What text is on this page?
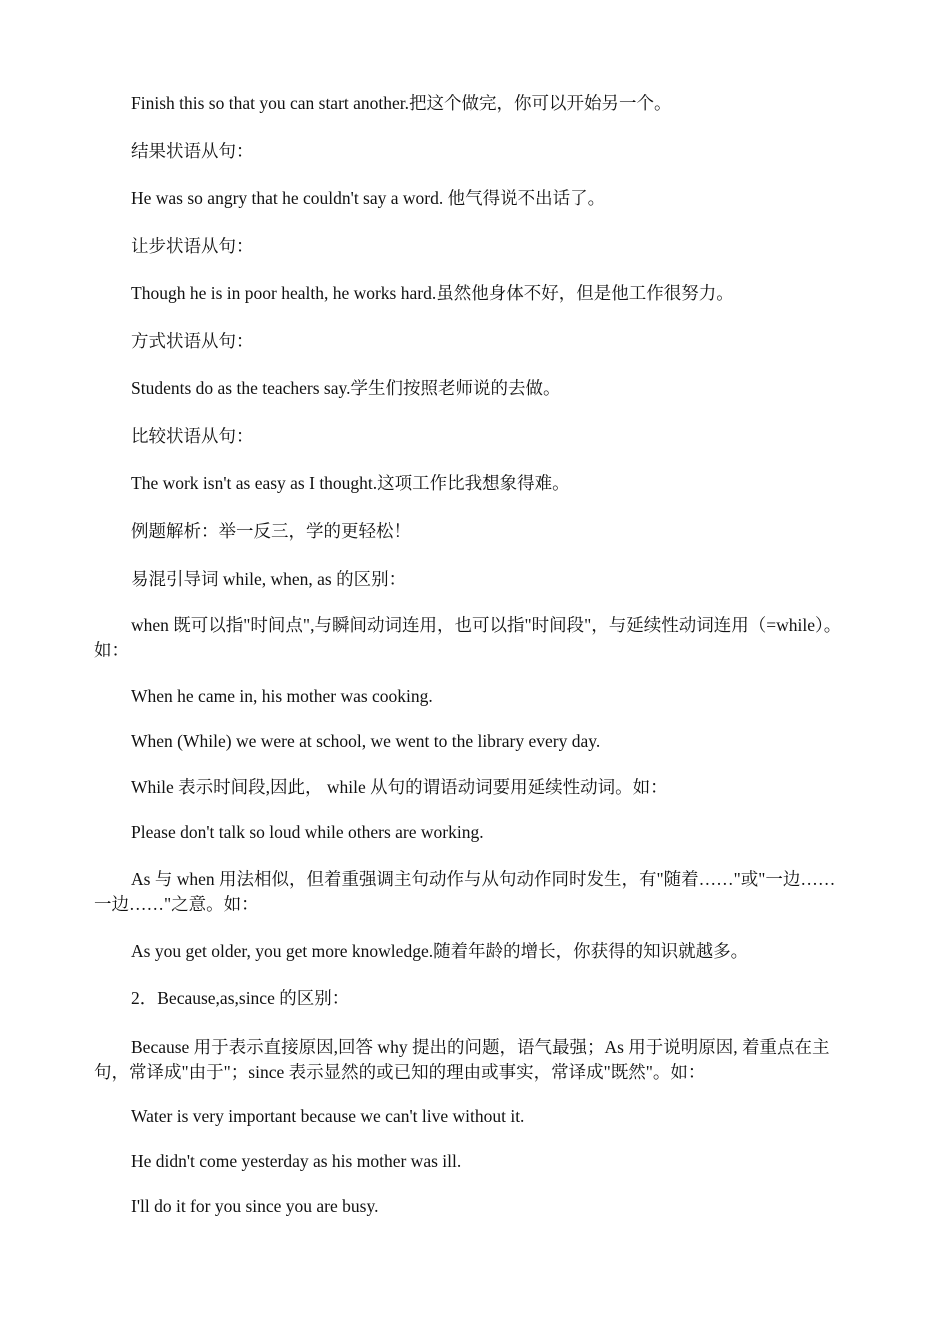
Finish this so that you can start another.把这个做完，你可以开始另一个。

结果状语从句：

He was so angry that he couldn't say a word. 他气得说不出话了。

让步状语从句：

Though he is in poor health, he works hard.虽然他身体不好，但是他工作很努力。

方式状语从句：

Students do as the teachers say.学生们按照老师说的去做。

比较状语从句：

The work isn't as easy as I thought.这项工作比我想象得难。

例题解析：举一反三，学的更轻松！

易混引导词 while, when, as 的区别：

when 既可以指"时间点",与瞬间动词连用，也可以指"时间段"，与延续性动词连用（=while）。如：

When he came in, his mother was cooking.

When (While) we were at school, we went to the library every day.

While 表示时间段,因此， while 从句的谓语动词要用延续性动词。如：

Please don't talk so loud while others are working.

As 与 when 用法相似，但着重强调主句动作与从句动作同时发生，有"随着……"或"一边……一边……"之意。如：

As you get older, you get more knowledge.随着年龄的增长，你获得的知识就越多。

2．Because,as,since 的区别：

Because 用于表示直接原因,回答 why 提出的问题，语气最强；As 用于说明原因, 着重点在主句，常译成"由于"；since 表示显然的或已知的理由或事实，常译成"既然"。如：

Water is very important because we can't live without it.

He didn't come yesterday as his mother was ill.

I'll do it for you since you are busy.
